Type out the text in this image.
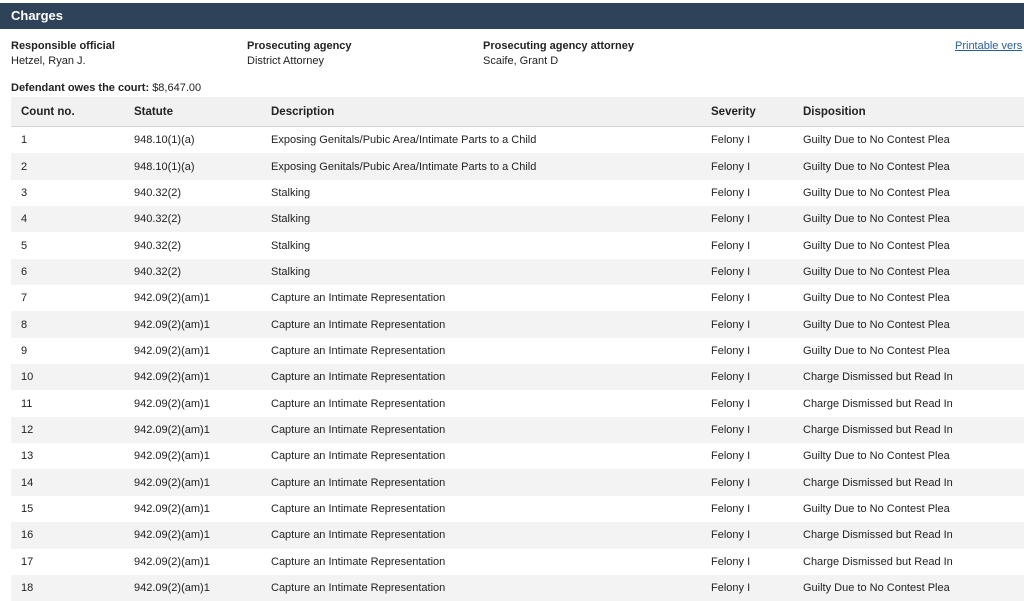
Charges
Responsible official
Hetzel, Ryan J.
Prosecuting agency
District Attorney
Prosecuting agency attorney
Scaife, Grant D
Printable vers
Defendant owes the court: $8,647.00
Count no.	Statute	Description	Severity	Disposition
1	948.10(1)(a)	Exposing Genitals/Pubic Area/Intimate Parts to a Child	Felony I	Guilty Due to No Contest Plea
2	948.10(1)(a)	Exposing Genitals/Pubic Area/Intimate Parts to a Child	Felony I	Guilty Due to No Contest Plea
3	940.32(2)	Stalking	Felony I	Guilty Due to No Contest Plea
4	940.32(2)	Stalking	Felony I	Guilty Due to No Contest Plea
5	940.32(2)	Stalking	Felony I	Guilty Due to No Contest Plea
6	940.32(2)	Stalking	Felony I	Guilty Due to No Contest Plea
7	942.09(2)(am)1	Capture an Intimate Representation	Felony I	Guilty Due to No Contest Plea
8	942.09(2)(am)1	Capture an Intimate Representation	Felony I	Guilty Due to No Contest Plea
9	942.09(2)(am)1	Capture an Intimate Representation	Felony I	Guilty Due to No Contest Plea
10	942.09(2)(am)1	Capture an Intimate Representation	Felony I	Charge Dismissed but Read In
11	942.09(2)(am)1	Capture an Intimate Representation	Felony I	Charge Dismissed but Read In
12	942.09(2)(am)1	Capture an Intimate Representation	Felony I	Charge Dismissed but Read In
13	942.09(2)(am)1	Capture an Intimate Representation	Felony I	Guilty Due to No Contest Plea
14	942.09(2)(am)1	Capture an Intimate Representation	Felony I	Charge Dismissed but Read In
15	942.09(2)(am)1	Capture an Intimate Representation	Felony I	Guilty Due to No Contest Plea
16	942.09(2)(am)1	Capture an Intimate Representation	Felony I	Charge Dismissed but Read In
17	942.09(2)(am)1	Capture an Intimate Representation	Felony I	Charge Dismissed but Read In
18	942.09(2)(am)1	Capture an Intimate Representation	Felony I	Guilty Due to No Contest Plea
